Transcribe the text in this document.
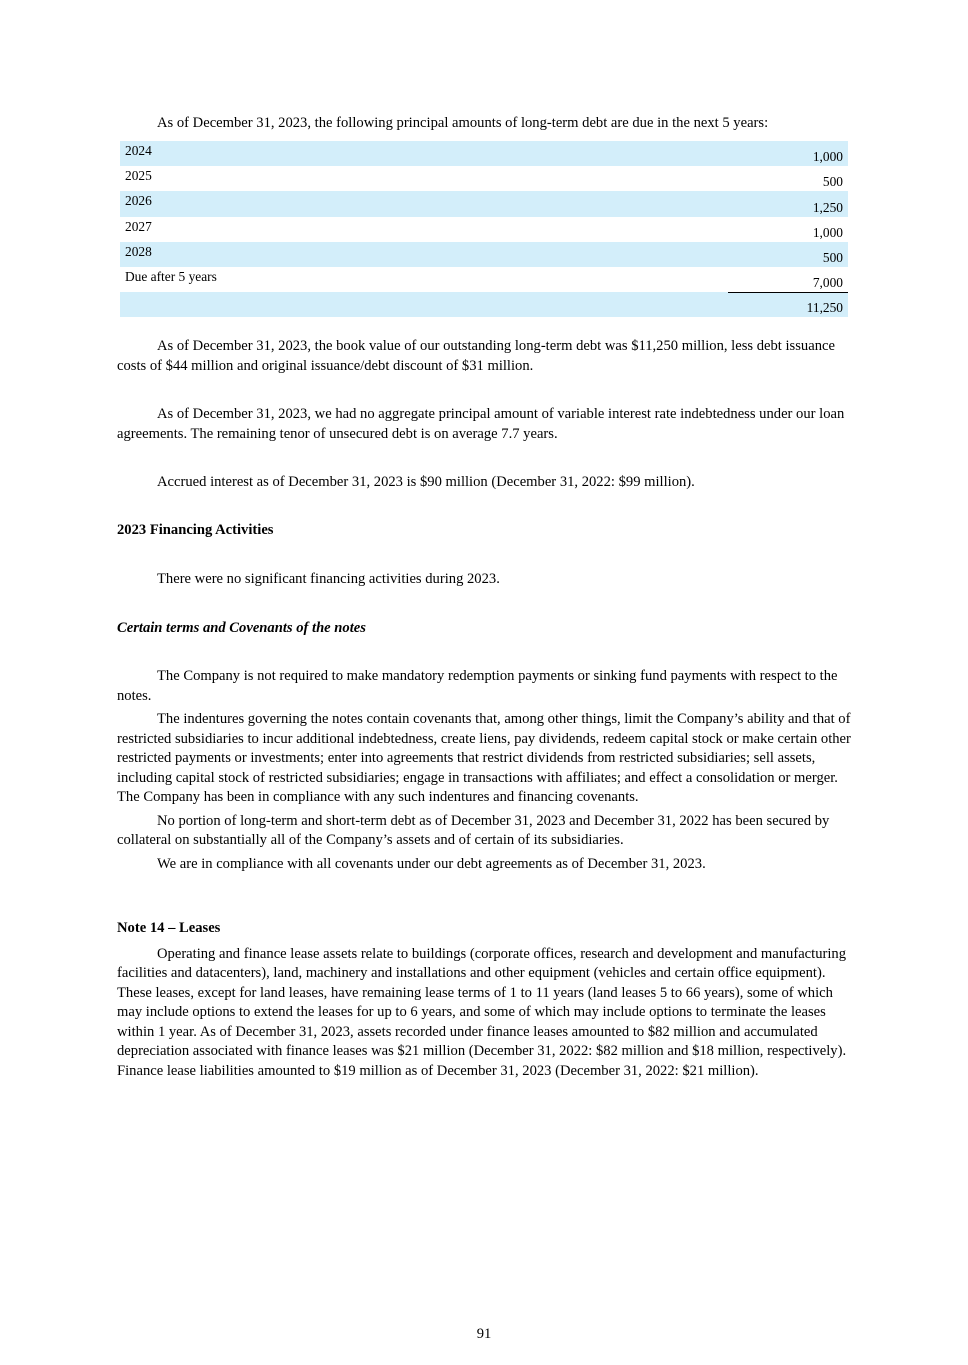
As of December 31, 2023, the following principal amounts of long-term debt are due in the next 5 years:

2024	1,000
2025	500
2026	1,250
2027	1,000
2028	500
Due after 5 years	7,000
	11,250

As of December 31, 2023, the book value of our outstanding long-term debt was $11,250 million, less debt issuance costs of $44 million and original issuance/debt discount of $31 million.

As of December 31, 2023, we had no aggregate principal amount of variable interest rate indebtedness under our loan agreements. The remaining tenor of unsecured debt is on average 7.7 years.

Accrued interest as of December 31, 2023 is $90 million (December 31, 2022: $99 million).

2023 Financing Activities

There were no significant financing activities during 2023.

Certain terms and Covenants of the notes

The Company is not required to make mandatory redemption payments or sinking fund payments with respect to the notes.

The indentures governing the notes contain covenants that, among other things, limit the Company’s ability and that of restricted subsidiaries to incur additional indebtedness, create liens, pay dividends, redeem capital stock or make certain other restricted payments or investments; enter into agreements that restrict dividends from restricted subsidiaries; sell assets, including capital stock of restricted subsidiaries; engage in transactions with affiliates; and effect a consolidation or merger. The Company has been in compliance with any such indentures and financing covenants.

No portion of long-term and short-term debt as of December 31, 2023 and December 31, 2022 has been secured by collateral on substantially all of the Company’s assets and of certain of its subsidiaries.

We are in compliance with all covenants under our debt agreements as of December 31, 2023.

Note 14 – Leases

Operating and finance lease assets relate to buildings (corporate offices, research and development and manufacturing facilities and datacenters), land, machinery and installations and other equipment (vehicles and certain office equipment). These leases, except for land leases, have remaining lease terms of 1 to 11 years (land leases 5 to 66 years), some of which may include options to extend the leases for up to 6 years, and some of which may include options to terminate the leases within 1 year. As of December 31, 2023, assets recorded under finance leases amounted to $82 million and accumulated depreciation associated with finance leases was $21 million (December 31, 2022: $82 million and $18 million, respectively). Finance lease liabilities amounted to $19 million as of December 31, 2023 (December 31, 2022: $21 million).

91
